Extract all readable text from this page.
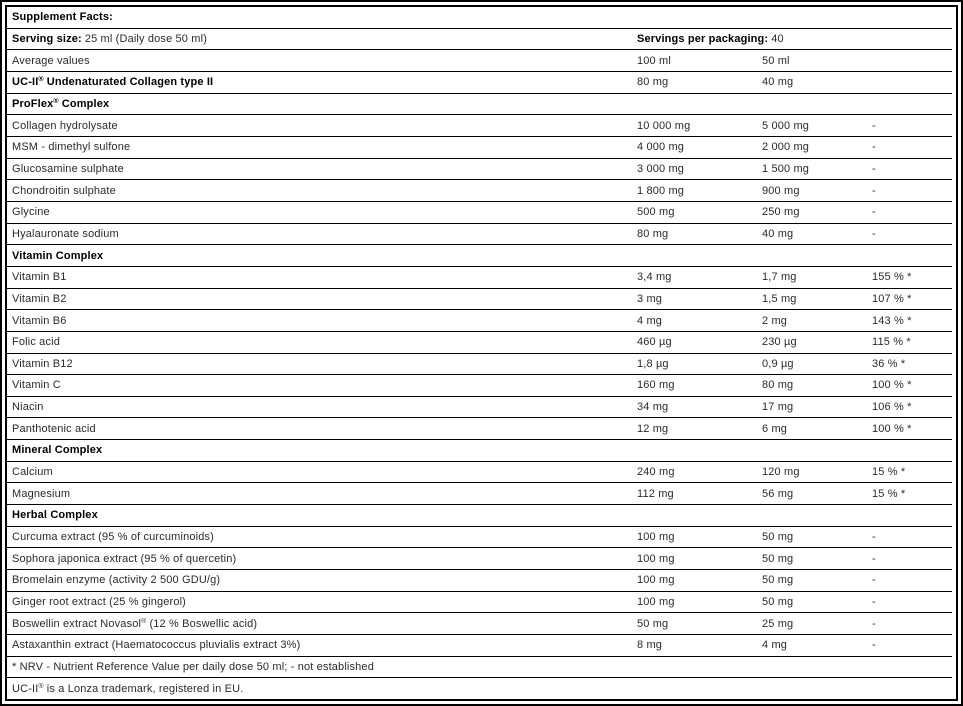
Supplement Facts:
Serving size: 25 ml (Daily dose 50 ml)	Servings per packaging: 40
Average values	100 ml	50 ml
UC-II® Undenaturated Collagen type II	80 mg	40 mg
ProFlex® Complex
Collagen hydrolysate	10 000 mg	5 000 mg	-
MSM - dimethyl sulfone	4 000 mg	2 000 mg	-
Glucosamine sulphate	3 000 mg	1 500 mg	-
Chondroitin sulphate	1 800 mg	900 mg	-
Glycine	500 mg	250 mg	-
Hyalauronate sodium	80 mg	40 mg	-
Vitamin Complex
Vitamin B1	3,4 mg	1,7 mg	155 % *
Vitamin B2	3 mg	1,5 mg	107 % *
Vitamin B6	4 mg	2 mg	143 % *
Folic acid	460 µg	230 µg	115 % *
Vitamin B12	1,8 µg	0,9 µg	36 % *
Vitamin C	160 mg	80 mg	100 % *
Niacin	34 mg	17 mg	106 % *
Panthotenic acid	12 mg	6 mg	100 % *
Mineral Complex
Calcium	240 mg	120 mg	15 % *
Magnesium	112 mg	56 mg	15 % *
Herbal Complex
Curcuma extract (95 % of curcuminoids)	100 mg	50 mg	-
Sophora japonica extract (95 % of quercetin)	100 mg	50 mg	-
Bromelain enzyme (activity 2 500 GDU/g)	100 mg	50 mg	-
Ginger root extract (25 % gingerol)	100 mg	50 mg	-
Boswellin extract Novasol® (12 % Boswellic acid)	50 mg	25 mg	-
Astaxanthin extract (Haematococcus pluvialis extract 3%)	8 mg	4 mg	-
* NRV - Nutrient Reference Value per daily dose 50 ml; - not established
UC-II® is a Lonza trademark, registered in EU.
